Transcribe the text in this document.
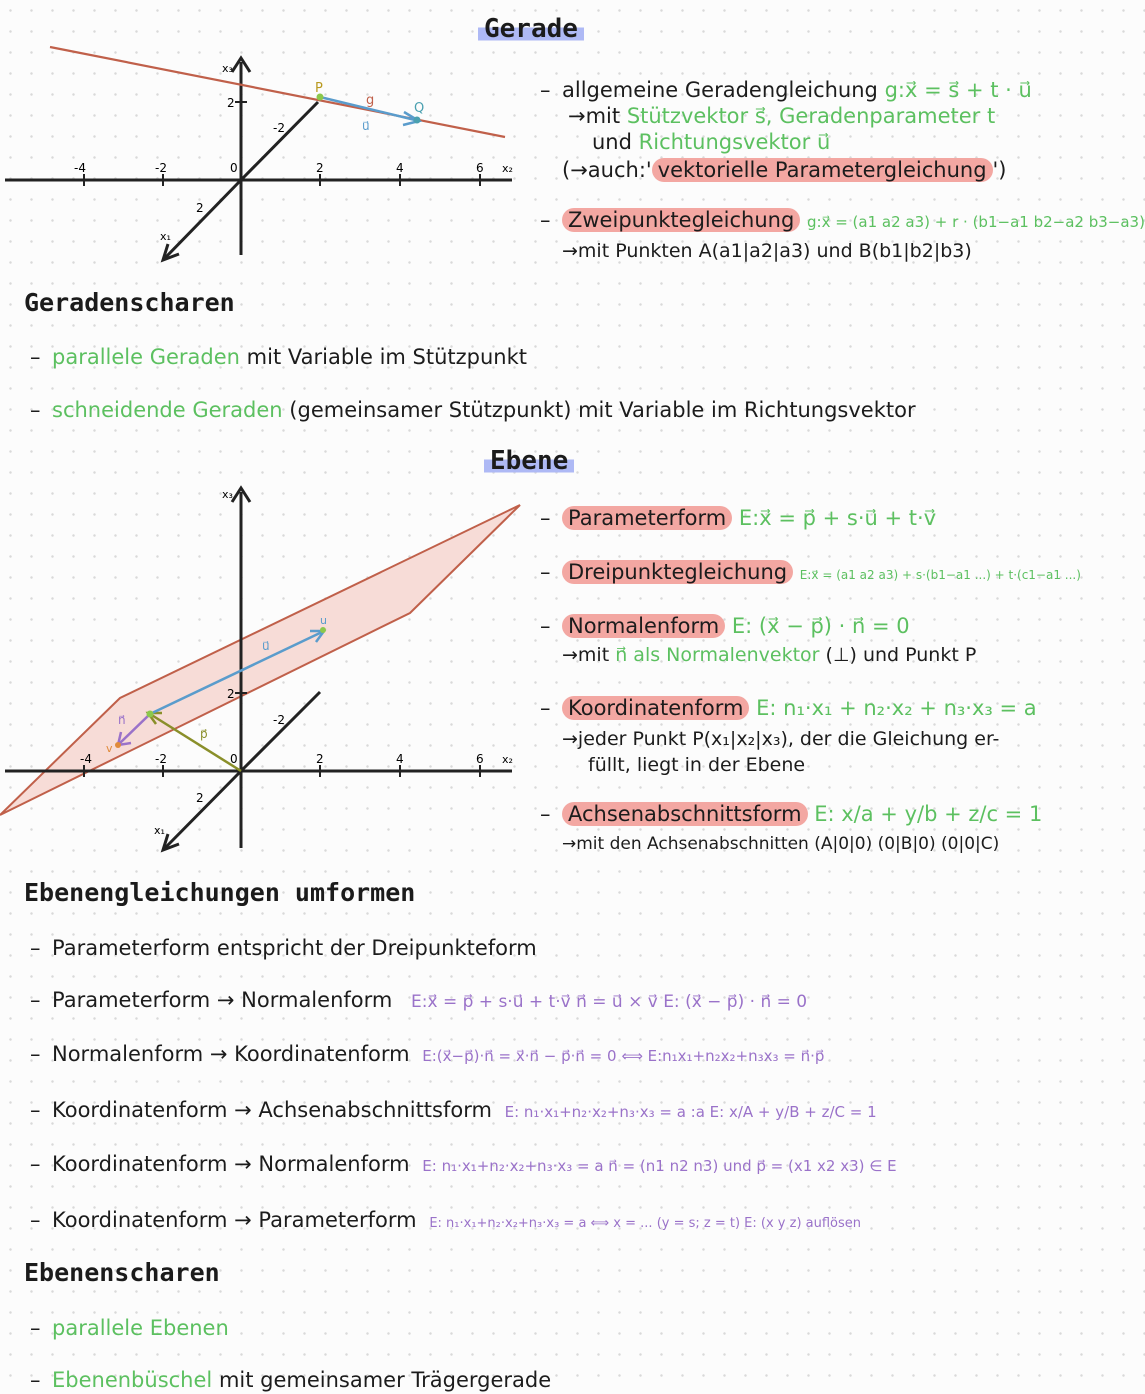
x₃
x₁
x₂
-4	-2	0	2	4	6
2
2
-2
P
Q
g
u⃗
Gerade
– allgemeine Geradengleichung g:x⃗ = s⃗ + t · u⃗
→mit Stützvektor s⃗, Geradenparameter t
und Richtungsvektor u⃗
(→auch:' vektorielle Parametergleichung ')
– Zweipunktegleichung g:x⃗ = (a1 a2 a3) + r · (b1−a1 b2−a2 b3−a3)
→mit Punkten A(a1|a2|a3) und B(b1|b2|b3)
Geradenscharen
– parallele Geraden mit Variable im Stützpunkt
– schneidende Geraden (gemeinsamer Stützpunkt) mit Variable im Richtungsvektor
x₃
x₁
x₂
-4	-2	0	2	4	6
2
2
-2
p⃗
u⃗
n⃗
v
u
Ebene
– Parameterform E:x⃗ = p⃗ + s·u⃗ + t·v⃗
– Dreipunktegleichung E:x⃗ = (a1 a2 a3) + s·(b1−a1 ...) + t·(c1−a1 ...)
– Normalenform E: (x⃗ − p⃗) · n⃗ = 0
→mit n⃗ als Normalenvektor (⊥) und Punkt P
– Koordinatenform E: n₁·x₁ + n₂·x₂ + n₃·x₃ = a
→jeder Punkt P(x₁|x₂|x₃), der die Gleichung er-
füllt, liegt in der Ebene
– Achsenabschnittsform E: x/a + y/b + z/c = 1
→mit den Achsenabschnitten (A|0|0) (0|B|0) (0|0|C)
Ebenengleichungen umformen
– Parameterform entspricht der Dreipunkteform
– Parameterform → Normalenform E:x⃗ = p⃗ + s·u⃗ + t·v⃗ n⃗ = u⃗ × v⃗ E: (x⃗ − p⃗) · n⃗ = 0
– Normalenform → Koordinatenform E:(x⃗−p⃗)·n⃗ = x⃗·n⃗ − p⃗·n⃗ = 0 ⟺ E:n₁x₁+n₂x₂+n₃x₃ = n⃗·p⃗
– Koordinatenform → Achsenabschnittsform E: n₁·x₁+n₂·x₂+n₃·x₃ = a :a E: x/A + y/B + z/C = 1
– Koordinatenform → Normalenform E: n₁·x₁+n₂·x₂+n₃·x₃ = a n⃗ = (n1 n2 n3) und p⃗ = (x1 x2 x3) ∈ E
– Koordinatenform → Parameterform E: n₁·x₁+n₂·x₂+n₃·x₃ = a ⟺ x = ... (y = s; z = t) E: (x y z) auflösen
Ebenenscharen
– parallele Ebenen
– Ebenenbüschel mit gemeinsamer Trägergerade
